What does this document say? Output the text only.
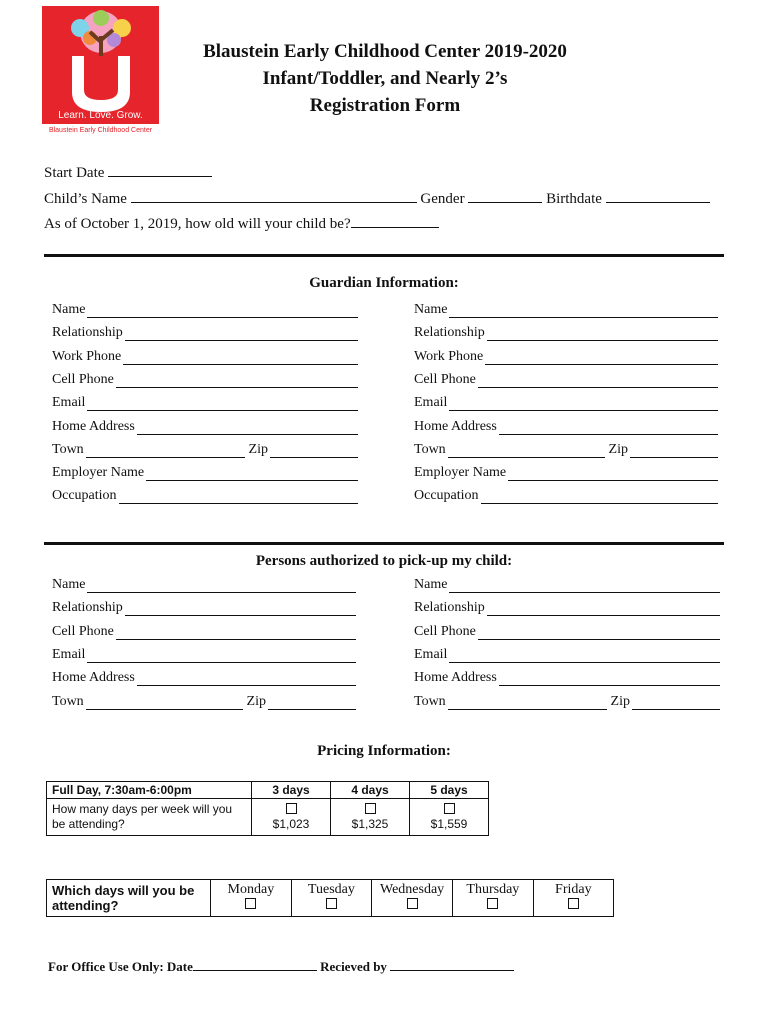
Learn. Love. Grow.
Blaustein Early Childhood Center
Blaustein Early Childhood Center 2019-2020
Infant/Toddler, and Nearly 2’s
Registration Form
Start Date
Child’s Name	Gender	Birthdate
As of October 1, 2019, how old will your child be?
Guardian Information:
Name
Relationship
Work Phone
Cell Phone
Email
Home Address
Town	Zip
Employer Name
Occupation
Name
Relationship
Work Phone
Cell Phone
Email
Home Address
Town	Zip
Employer Name
Occupation
Persons authorized to pick-up my child:
Name
Relationship
Cell Phone
Email
Home Address
Town	Zip
Name
Relationship
Cell Phone
Email
Home Address
Town	Zip
Pricing Information:
Full Day, 7:30am-6:00pm	3 days	4 days	5 days
How many days per week will you be attending?	$1,023	$1,325	$1,559
Which days will you be attending?	Monday	Tuesday	Wednesday	Thursday	Friday

For Office Use Only: Date	Recieved by
